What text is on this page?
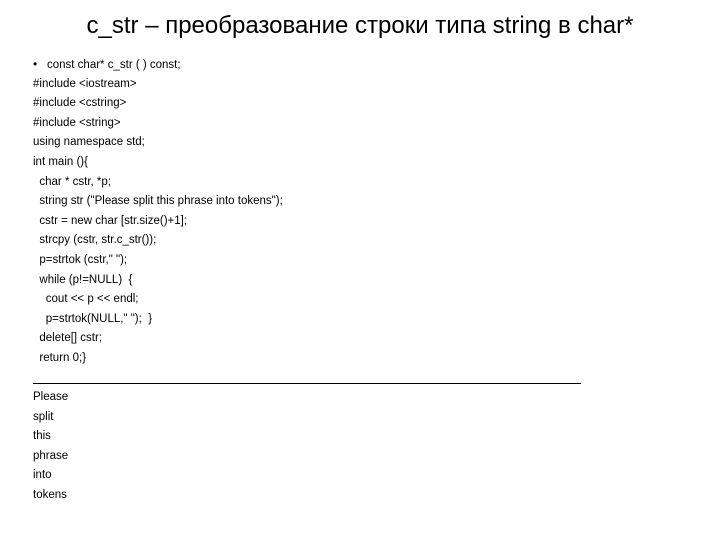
c_str – преобразование строки типа string в char*
• const char* c_str ( ) const;
#include <iostream>
#include <cstring>
#include <string>
using namespace std;
int main (){
char * cstr, *p;
string str ("Please split this phrase into tokens");
cstr = new char [str.size()+1];
strcpy (cstr, str.c_str());
p=strtok (cstr," ");
while (p!=NULL)  {
cout << p << endl;
p=strtok(NULL," ");  }
delete[] cstr;
return 0;}
Please
split
this
phrase
into
tokens
